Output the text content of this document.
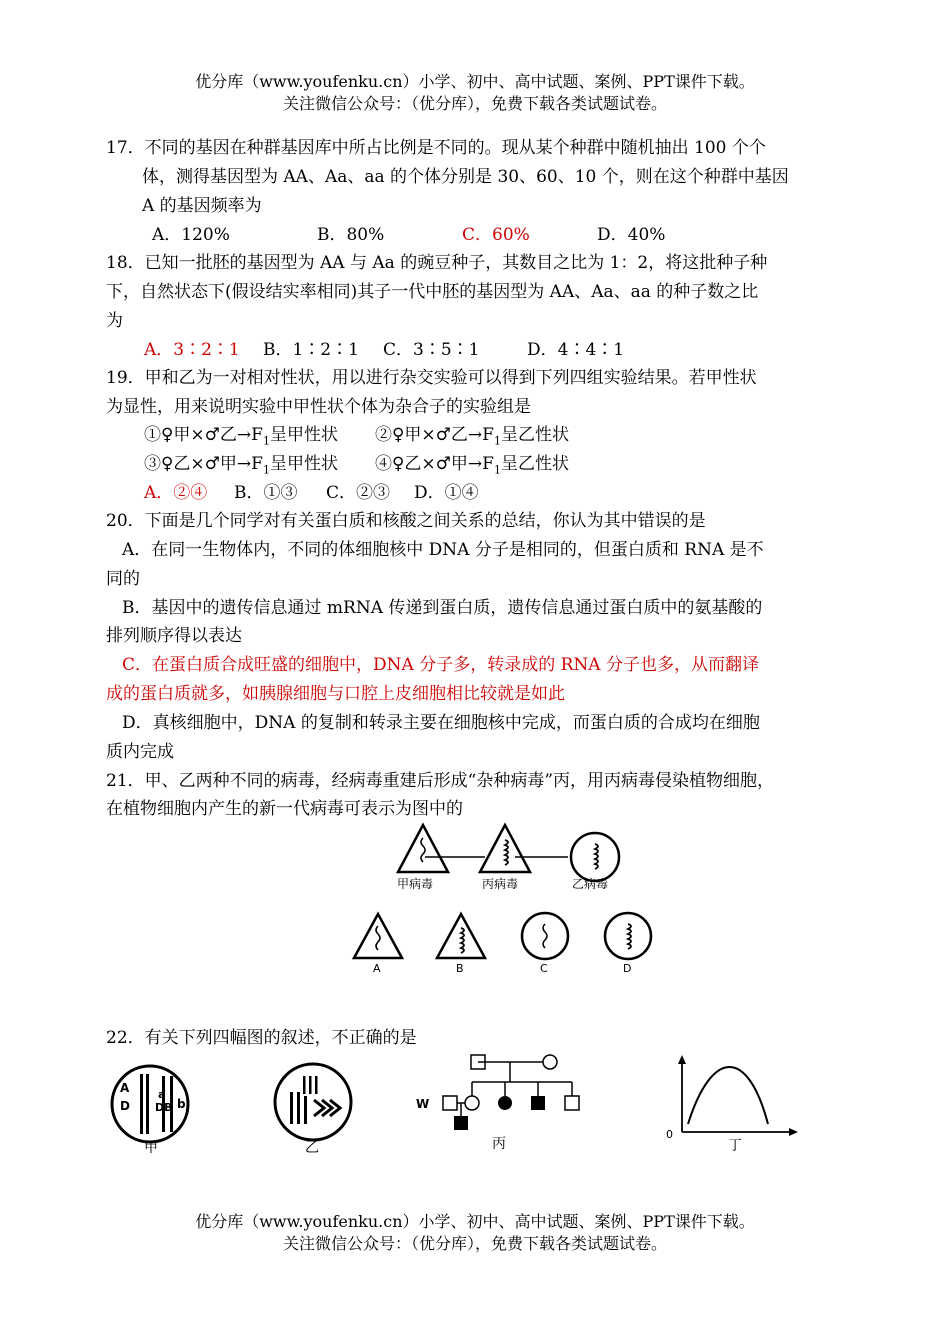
优分库（www.youfenku.cn）小学、初中、高中试题、案例、PPT课件下载。
关注微信公众号：（优分库），免费下载各类试题试卷。
17．不同的基因在种群基因库中所占比例是不同的。现从某个种群中随机抽出 100 个个
体，测得基因型为 AA、Aa、aa 的个体分别是 30、60、10 个，则在这个种群中基因
A 的基因频率为
A．120%	B．80%	C．60%	D．40%
18．已知一批胚的基因型为 AA 与 Aa 的豌豆种子，其数目之比为 1：2，将这批种子种
下，自然状态下(假设结实率相同)其子一代中胚的基因型为 AA、Aa、aa 的种子数之比
为
A．3∶2∶1 B．1∶2∶1 C．3∶5∶1	D．4∶4∶1
19．甲和乙为一对相对性状，用以进行杂交实验可以得到下列四组实验结果。若甲性状
为显性，用来说明实验中甲性状个体为杂合子的实验组是
①♀甲×♂乙$\to F_1$呈甲性状 ②♀甲×♂乙$\to F_1$呈乙性状
③♀乙×♂甲$\to F_1$呈甲性状 ④♀乙×♂甲$\to F_1$呈乙性状
A．②④ B．①③ C．②③ D．①④
20．下面是几个同学对有关蛋白质和核酸之间关系的总结，你认为其中错误的是
A．在同一生物体内，不同的体细胞核中 DNA 分子是相同的，但蛋白质和 RNA 是不
同的
B．基因中的遗传信息通过 mRNA 传递到蛋白质，遗传信息通过蛋白质中的氨基酸的
排列顺序得以表达
C．在蛋白质合成旺盛的细胞中，DNA 分子多，转录成的 RNA 分子也多，从而翻译
成的蛋白质就多，如胰腺细胞与口腔上皮细胞相比较就是如此
D．真核细胞中，DNA 的复制和转录主要在细胞核中完成，而蛋白质的合成均在细胞
质内完成
21．甲、乙两种不同的病毒，经病毒重建后形成“杂种病毒”丙，用丙病毒侵染植物细胞，
在植物细胞内产生的新一代病毒可表示为图中的
甲病毒	丙病毒	乙病毒
A	B	C	D
22．有关下列四幅图的叙述，不正确的是
A
D
a
DB b
甲	乙
W
丙
0
丁
优分库（www.youfenku.cn）小学、初中、高中试题、案例、PPT课件下载。
关注微信公众号：（优分库），免费下载各类试题试卷。
